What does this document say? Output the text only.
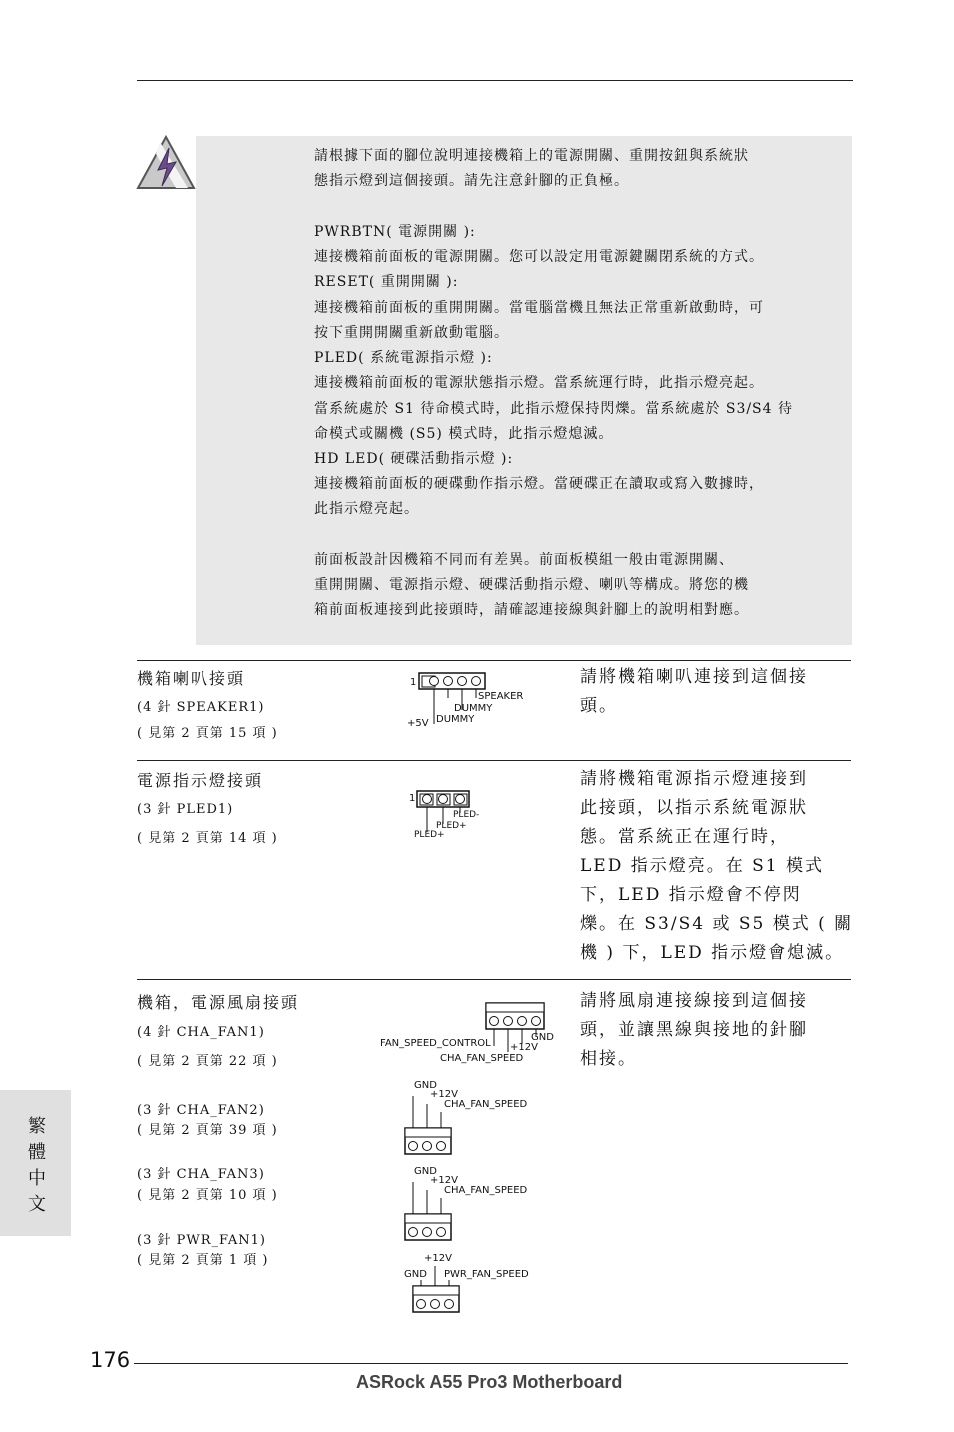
請根據下面的腳位說明連接機箱上的電源開關、重開按鈕與系統狀
態指示燈到這個接頭。請先注意針腳的正負極。
PWRBTN( 電源開關 ):
連接機箱前面板的電源開關。您可以設定用電源鍵關閉系統的方式。
RESET( 重開開關 ):
連接機箱前面板的重開開關。當電腦當機且無法正常重新啟動時，可
按下重開開關重新啟動電腦。
PLED( 系統電源指示燈 ):
連接機箱前面板的電源狀態指示燈。當系統運行時，此指示燈亮起。
當系統處於 S1 待命模式時，此指示燈保持閃爍。當系統處於 S3/S4 待
命模式或關機 (S5) 模式時，此指示燈熄滅。
HD LED( 硬碟活動指示燈 ):
連接機箱前面板的硬碟動作指示燈。當硬碟正在讀取或寫入數據時，
此指示燈亮起。
前面板設計因機箱不同而有差異。前面板模組一般由電源開關、
重開開關、電源指示燈、硬碟活動指示燈、喇叭等構成。將您的機
箱前面板連接到此接頭時，請確認連接線與針腳上的說明相對應。
機箱喇叭接頭
(4 針 SPEAKER1)
( 見第 2 頁第 15 項 )
請將機箱喇叭連接到這個接
頭。
1
SPEAKER
DUMMY
+5V DUMMY
電源指示燈接頭
(3 針 PLED1)
( 見第 2 頁第 14 項 )
請將機箱電源指示燈連接到
此接頭，以指示系統電源狀
態。當系統正在運行時，
LED 指示燈亮。在 S1 模式
下，LED 指示燈會不停閃
爍。在 S3/S4 或 S5 模式 ( 關
機 ) 下，LED 指示燈會熄滅。
1
PLED-
PLED+
PLED+
機箱，電源風扇接頭
(4 針 CHA_FAN1)
( 見第 2 頁第 22 項 )
請將風扇連接線接到這個接
頭，並讓黑線與接地的針腳
相接。
(3 針 CHA_FAN2)
( 見第 2 頁第 39 項 )
(3 針 CHA_FAN3)
( 見第 2 頁第 10 項 )
(3 針 PWR_FAN1)
( 見第 2 頁第 1 項 )
GND
FAN_SPEED_CONTROL +12V
CHA_FAN_SPEED
GND
+12V
CHA_FAN_SPEED
GND
+12V
CHA_FAN_SPEED
+12V
GND PWR_FAN_SPEED
繁
體
中
文
176
ASRock A55 Pro3 Motherboard
